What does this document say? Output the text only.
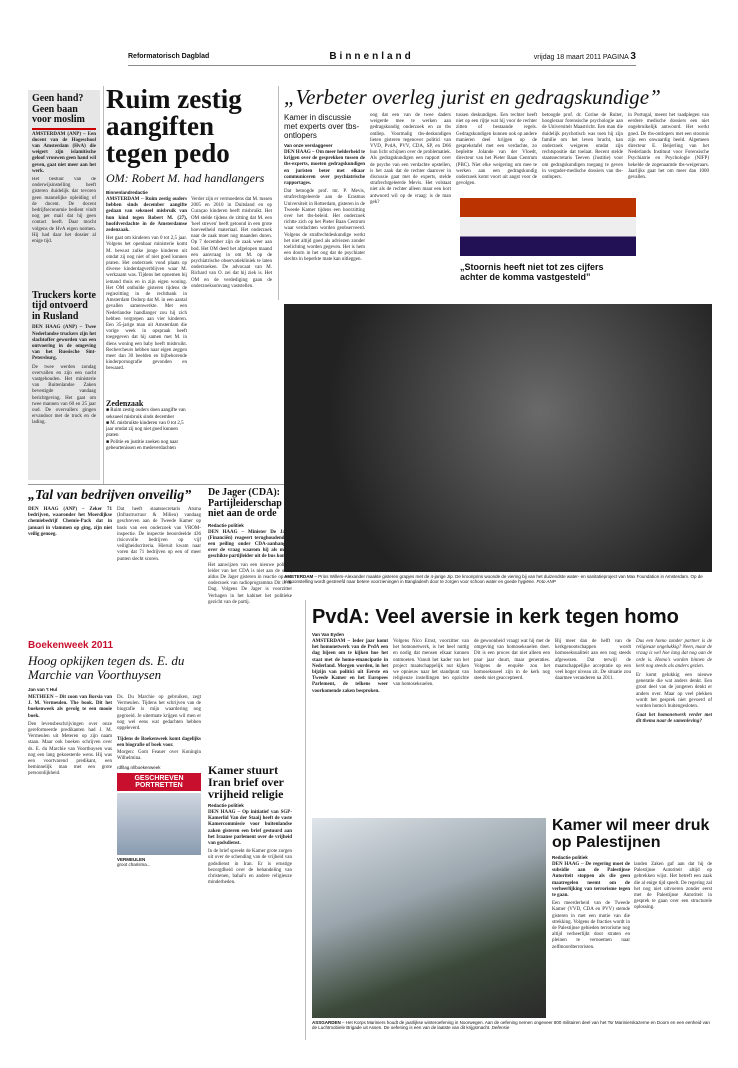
Reformatorisch Dagblad	Binnenland	vrijdag 18 maart 2011 PAGINA 3
Geen hand? Geen baan voor moslim
AMSTERDAM (ANP) – Een docent van de Hogeschool van Amsterdam (HvA) die weigert zijn islamitische geloof vrouwen geen hand wil geven, gaat niet meer aan het werk.
Het bestuur van de onderwijsinstelling heeft gisteren duidelijk dat tevoren geen mannelijke opleiding of de docent. De docent bedrijfseconomie bedient vindt nog per mail dat hij geen contact heeft. Daar mocht volgens de HvA eigen normen. Hij had daar het dossier al enige tijd.
Truckers korte tijd ontvoerd in Rusland
DEN HAAG (ANP) – Twee Nederlandse truckers zijn het slachtoffer geworden van een ontvoering in de omgeving van het Russische Sint-Petersburg.
De twee werden zondag overvallen en zijn een nacht vastgehouden. Het ministerie van Buitenlandse Zaken bevestigde vandaag berichtgeving. Het gaat om twee mannen van 60 en 25 jaar oud. De overvallers gingen ervandoor met de truck en de lading.
Ruim zestig aangiften tegen pedo
OM: Robert M. had handlangers
Binnenlandredactie
AMSTERDAM – Ruim zestig ouders hebben sinds december aangifte gedaan van seksueel misbruik van hun kind tegen Robert M. (27), hoofdverdachte in de Amsterdamse zedenzaak.
Het gaat om kinderen van 0 tot 2,5 jaar. Volgens het openbaar ministerie komt M. bewust zulke jonge kinderen uit omdat zij nog niet of niet goed kunnen praten. Het onderzoek vond plaats op diverse kinderdagverblijven waar M. werkzaam was. Tijdens het opnemen bij iemand thuis en in zijn eigen woning. Het OM onthulde gisteren tijdens de regiezitting in de rechtbank in Amsterdam Osdorp dat M. in een aantal gevallen samenwerkte. Met een Nederlandse handlanger zou hij zich hebben vergrepen aan vier kinderen. Een 35-jarige man uit Amsterdam die vorige week in opspraak heeft toegegeven dat hij samen met M. in diens woning een baby heeft misbruikt. Rechercheurs hebben naar eigen zeggen meer dan 30 beelden en bijbehorende kinderpornografie gevonden en bewaard.
Zedenzaak
■ Ruim zestig ouders doen aangifte van seksueel misbruik sinds december
■ M. misbruikte kinderen van 0 tot 2,5 jaar omdat zij nog niet goed kunnen praten
■ Politie en justitie zoeken nog naar gebeurtenissen en medeverdachten
Verder zijn er vermoedens dat M. tussen 2005 en 2010 in Duitsland en op Curaçao kinderen heeft misbruikt. Het OM stelde tijdens de zitting dat M. een 'heel streven' heeft getoond in een grote hoeveelheid materiaal. Het onderzoek naar de zaak moet nog maanden duren. Op 7 december zijn de zaak weer aan bod. Het OM deed het afgelopen maand een aanvraag in om M. op de psychiatrische observatiekliniek te laten onderzoeken. De advocaat van M. Richard van O. zei dat hij ziek is. Het OM en de verdediging gaan de onderzoeksomvang vaststellen.
„Verbeter overleg jurist en gedragskundige”
Kamer in discussie met experts over tbs-ontlopers
Van onze verslaggever
DEN HAAG – Om meer helderheid te krijgen over de gesprekken tussen de tbs-experts, moeten gedragskundigen en juristen beter met elkaar communiceren over psychiatrische rapportages.
Dat betoogde prof. mr. P. Mevis, strafrechtgeleerde aan de Erasmus Universiteit in Rotterdam, gisteren in de Tweede Kamer tijdens een hoorzitting over het tbs-beleid. Het onderzoek richtte zich op het Pieter Baan Centrum waar verdachten worden geobserveerd. Volgens de strafrechtdeskundige werkt het niet altijd goed als adviezen zonder toelichting worden gegeven. Het is hem een doorn in het oog dat de psychiater slechts in beperkte mate kan uitleggen.
oog dat een van de twee daders weigerde mee te werken aan gedragskundig onderzoek en zo tbs ontliep. Voormalig tbs-deskundigen lieten gisteren tegenover politici van VVD, PvdA, PVV, CDA, SP, en D66 hun licht schijnen over de problematiek. Als gedragskundigen een rapport over de psyche van een verdachte opstellen, is het zaak dat de rechter daarover in discussie gaat met de experts, stelde strafrechtgeleerde Mevis. Het volstaat niet als de rechter alleen maar een kort antwoord wil op de vraag: is de man gek?
tussen deskundigen. Een rechter heeft niet op een rijtje wat hij voor de rechter zitten of bestaande regels. Gedragskundigen kunnen ook op andere manieren deel krijgen op de gesprekstafel met een verdachte, zo bepleitte Jolande van der Vloedt, directeur van het Pieter Baan Centrum (PBC). Niet elke weigering om mee te werken aan een gedragskundig onderzoek komt voort uit angst voor de gevolgen.
betoogde prof. dr. Corine de Ruiter, hoogleraar forensische psychologie aan de Universiteit Maastricht. Een man die duidelijk psychotisch was toen hij zijn familie om het leven bracht, kan onderzoek weigeren omdat zijn rechtspositie dat toelaat. Recent stelde staatssecretaris Teeven (Justitie) voor om gedragskundigen toegang te geven in vergader-medische dossiers van tbs-ontlopers.
in Portugal, meent het raadplegen van eerdere medische dossiers een niet ongebruikelijk antwoord. Het werkt goed. De tbs-ontlopers met een stoornis zijn een onwaardig beeld. Algemeen directeur E. Beijerling van het Nederlands Instituut voor Forensische Psychiatrie en Psychologie (NIFP) hekelde de zogenaamde tbs-weigeraars. Jaarlijks gaat het om meer dan 1000 gevallen.
„Stoornis heeft niet tot zes cijfers achter de komma vastgesteld”
AMSTERDAM – Prins Willem-Alexander maakte gisteren grapjes met de 4-jarige Jip. De kroonprins woonde de viering bij van het duizendste water- en sanitatieproject van Max Foundation in Amsterdam. Op de tentoonstelling wordt gestreefd naar betere voorzieningen in Bangladesh door te zorgen voor schoon water en goede hygiëne. Foto ANP
„Tal van bedrijven onveilig”
DEN HAAG (ANP) – Zeker 71 bedrijven, waaronder het Moerdijkse chemiebedrijf Chemie-Pack dat in januari in vlammen op ging, zijn niet veilig genoeg.
Dat heeft staatssecretaris Atsma (Infrastructuur & Milieu) vandaag geschreven aan de Tweede Kamer op basis van een onderzoek van VROM-inspectie. De inspectie beoordeelde 436 risicovolle bedrijven op vijf veiligheidscriteria. Hieruit kwam naar voren dat 71 bedrijven op een of meer punten slecht scoren.
De Jager (CDA): Partijleiderschap niet aan de orde
Redactie politiek
DEN HAAG – Minister De Jager (Financiën) reageert terughoudend op een peiling onder CDA-aanhangers over de vraag waarom hij als meest geschikte partijleider uit de bus komt.
Het aanwijzen van een nieuwe politiek leider van het CDA is niet aan de orde, aldus De Jager gisteren in reactie op een onderzoek van radioprogramma Dit is de Dag. Volgens De Jager is voorzitter Verhagen in het kabinet het politieke gezicht van de partij.
Boekenweek 2011
Hoog opkijken tegen ds. E. du Marchie van Voorthuysen
Jan van 't Hul
METHEEN – Dit zoon van Borsia van J. M. Vermeulen. The book. Dit het boekenweek als gevolg te een mooie boek.
Den levensbeschrijvingen over onze gereformeerde predikanten had J. M. Vermeulen uit Meteren op zijn naam staan. Maar ook boeken schrijven over ds. E. du Marchie van Voorthuysen was nog een lang gekoesterde wens. Hij was een voortvarend predikant, een beminnelijk man met een grote persoonlijkheid.
Ds. Du Marchie op gebruiken, zegt Vermeulen. Tijdens het schrijven van de biografie is mijn waardering nog gegroeid. Je uitermate krijgen wil men er nog wel eens wat gedachten hebben opgeleverd.
Tijdens de Boekenweek komt dagelijks een biografie of boek voor.
Morgen: Gom Feauer over Koningin Wilhelmina.
rdfilag.nl/boekenweek
GESCHREVEN PORTRETTEN
VERMEULEN
groot charisma...
Kamer stuurt Iran brief over vrijheid religie
Redactie politiek
DEN HAAG – Op initiatief van SGP-Kamerlid Van der Staaij heeft de vaste Kamercommissie voor buitenlandse zaken gisteren een brief gestuurd aan het Iraanse parlement over de vrijheid van godsdienst.
In de brief spreekt de Kamer grote zorgen uit over de schending van de vrijheid van godsdienst in Iran. Er is ernstige bezorgdheid over de behandeling van christenen, bahai's en andere religieuze minderheden.
PvdA: Veel aversie in kerk tegen homo
Van Van Eyden
AMSTERDAM – Ieder jaar komt het homonetwerk van de PvdA een dag bijeen om te kijken hoe het staat met de homo-emancipatie in Nederland. Morgen worden, in het bijzijn van politici uit Eerste en Tweede Kamer en het Europees Parlement, de telkens weer voorkomende zaken besproken.
Volgens Nico Ernst, voorzitter van het homonetwerk, is het heel nuttig en nodig dat mensen elkaar kunnen ontmoeten. Vanuit het kader van het project maatschappelijk nut kijken we opnieuw naar het standpunt van religieuze instellingen ten opzichte van homoseksuelen.
de gewoonheid vraagt wat hij met de omgeving van homoseksuelen doet. Dit is een proces dat niet alleen een paar jaar duurt, maar generaties. Volgens de enquête zou het homoseksueel zijn in de kerk nog steeds niet geaccepteerd.
Bij meer dan de helft van de kerkgenootschappen wordt homoseksualiteit aan een nog steeds afgewezen. Dat terwijl de maatschappelijke acceptatie op een veel hoger niveau zit. De situatie zou daarmee veranderen na 2011.
Dus een homo zonder partner is de religieuze ongelukkig? Neen, maar de vraag is wel hoe lang dat nog aan de orde is. Homo's worden binnen de kerk nog steeds als anders gezien.
Er komt gelukkig een nieuwe generatie die wat anders denkt. Een groot deel van de jongeren denkt er anders over. Maar op veel plekken wordt het gesprek niet gevoerd of worden homo's buitengesloten.
Gaat het homonetwerk verder met dit thema naar de samenleving?
Kamer wil meer druk op Palestijnen
Redactie politiek
DEN HAAG – De regering moet de subsidie aan de Palestijnse Autoriteit stoppen als die geen maatregelen neemt om de verheerlijking van terrorisme tegen te gaan.
Een meerderheid van de Tweede Kamer (VVD, CDA en PVV) stemde gisteren in met een motie van die strekking. Volgens de fracties wordt in de Palestijnse gebieden terrorisme nog altijd verheerlijkt door straten en pleinen te vernoemen naar zelfmoordterroristen.
landen Zaken gaf aan dat hij de Palestijnse Autoriteit altijd op gebrekken wijst. Het betreft een zaak die al enige tijd speelt. De regering zal het nog niet uitvoeren zonder eerst met de Palestijnse Autoriteit in gesprek te gaan over een structurele oplossing.
ASSGARDEN – Het Korps Mariniers houdt de jaarlijkse winteroefening in Noorwegen. Aan de oefening nemen ongeveer 800 militairen deel van het Tsr Marinierskazerne en Doorn en een eenheid van de Luchtmobiele Brigade uit Assen. De oefening is een van de laatste van dit krijgsmacht. Defensie
